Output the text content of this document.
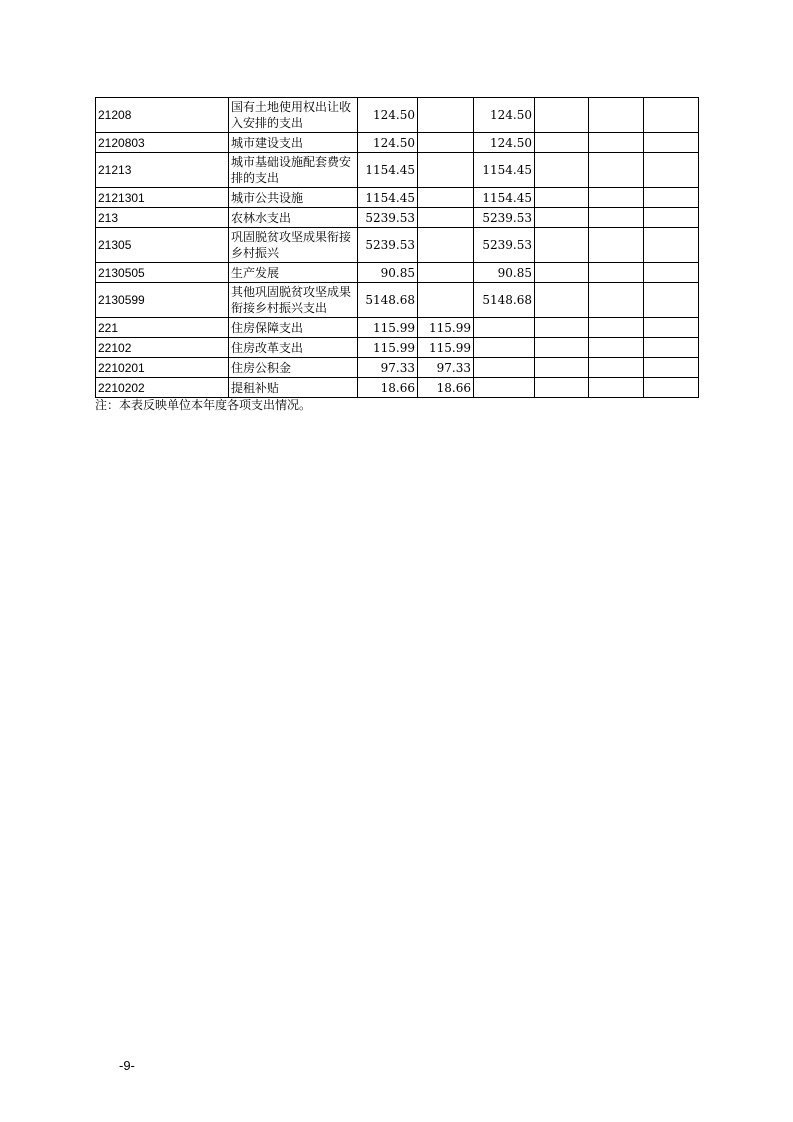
21208	国有土地使用权出让收入安排的支出	124.50		124.50			
2120803	城市建设支出	124.50		124.50			
21213	城市基础设施配套费安排的支出	1154.45		1154.45			
2121301	城市公共设施	1154.45		1154.45			
213	农林水支出	5239.53		5239.53			
21305	巩固脱贫攻坚成果衔接乡村振兴	5239.53		5239.53			
2130505	生产发展	90.85		90.85			
2130599	其他巩固脱贫攻坚成果衔接乡村振兴支出	5148.68		5148.68			
221	住房保障支出	115.99	115.99				
22102	住房改革支出	115.99	115.99				
2210201	住房公积金	97.33	97.33				
2210202	提租补贴	18.66	18.66				
注：本表反映单位本年度各项支出情况。
-9-
